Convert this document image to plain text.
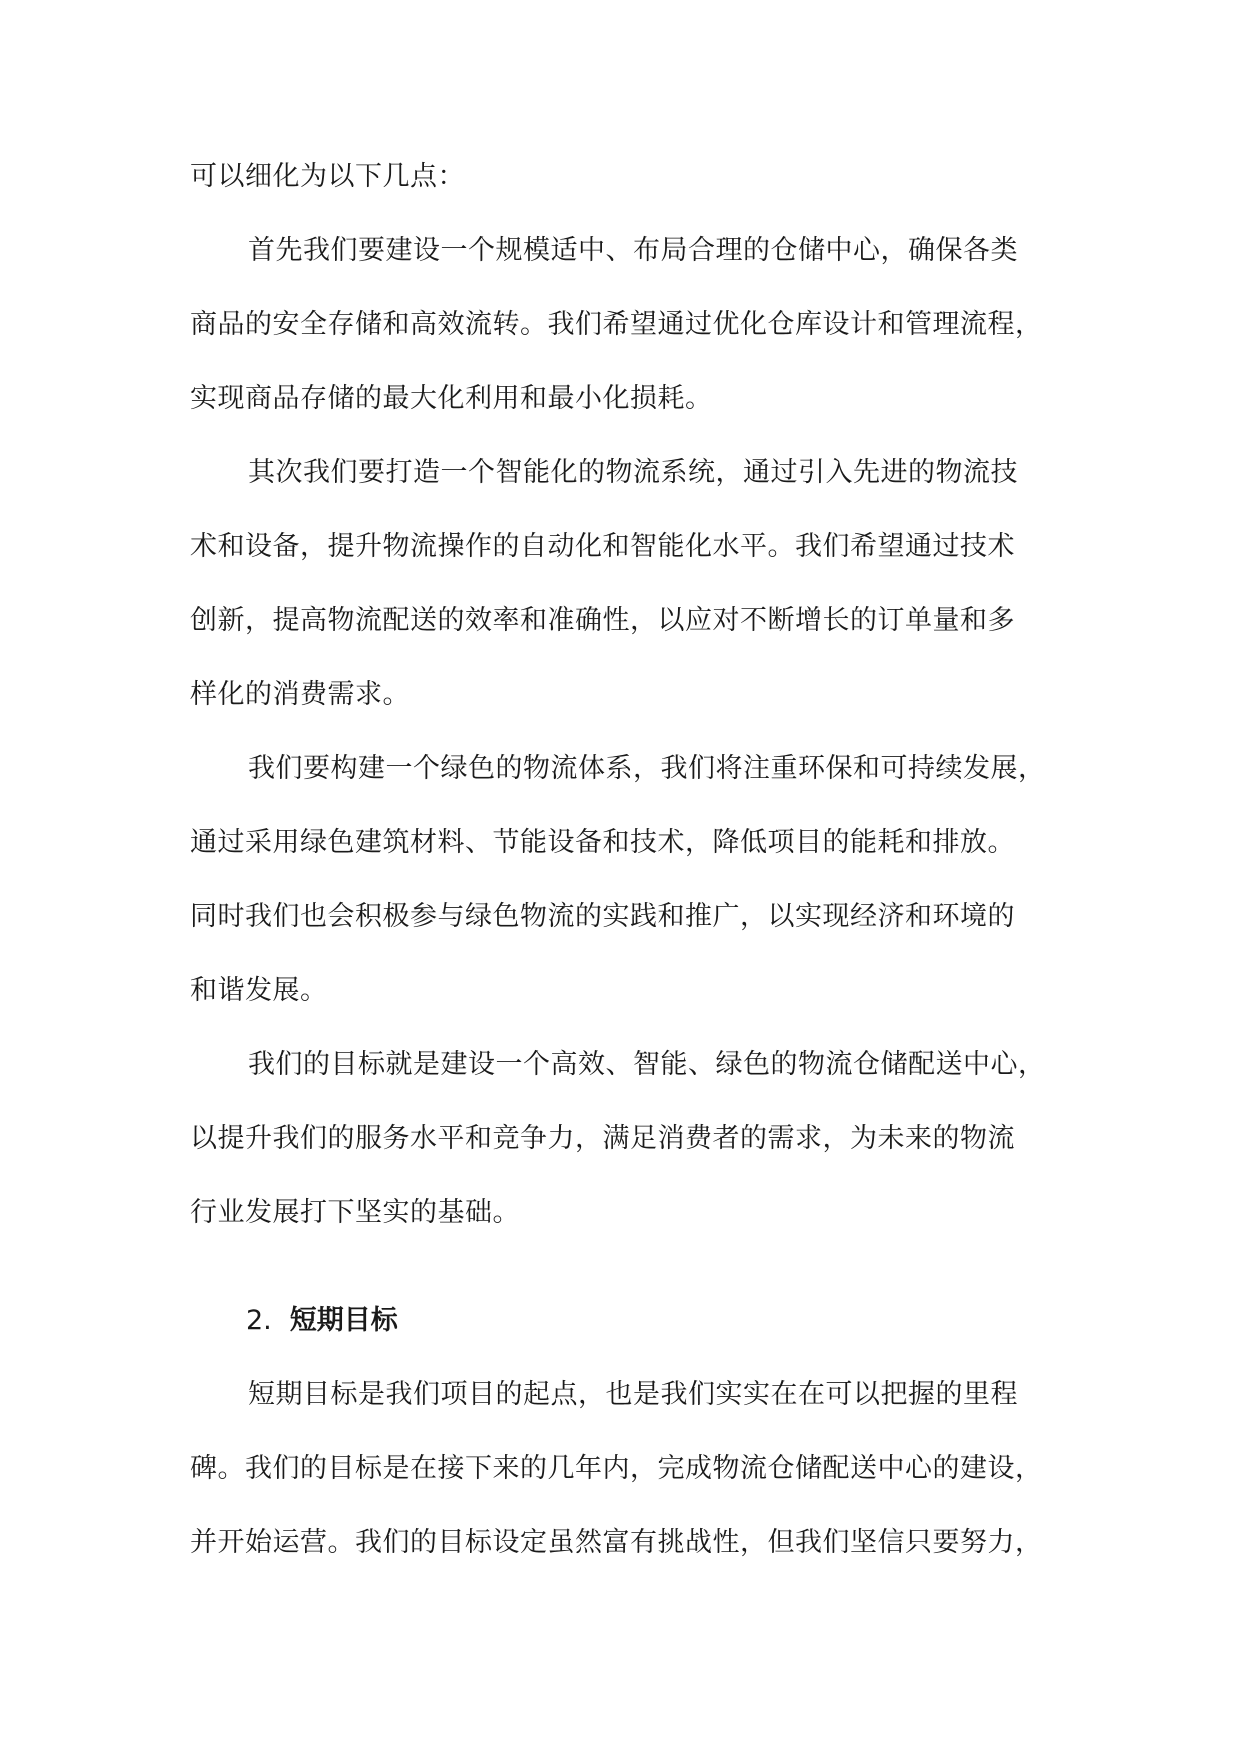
可以细化为以下几点：
首先我们要建设一个规模适中、布局合理的仓储中心，确保各类
商品的安全存储和高效流转。我们希望通过优化仓库设计和管理流程，
实现商品存储的最大化利用和最小化损耗。
其次我们要打造一个智能化的物流系统，通过引入先进的物流技
术和设备，提升物流操作的自动化和智能化水平。我们希望通过技术
创新，提高物流配送的效率和准确性，以应对不断增长的订单量和多
样化的消费需求。
我们要构建一个绿色的物流体系，我们将注重环保和可持续发展，
通过采用绿色建筑材料、节能设备和技术，降低项目的能耗和排放。
同时我们也会积极参与绿色物流的实践和推广，以实现经济和环境的
和谐发展。
我们的目标就是建设一个高效、智能、绿色的物流仓储配送中心，
以提升我们的服务水平和竞争力，满足消费者的需求，为未来的物流
行业发展打下坚实的基础。
2. 短期目标
短期目标是我们项目的起点，也是我们实实在在可以把握的里程
碑。我们的目标是在接下来的几年内，完成物流仓储配送中心的建设，
并开始运营。我们的目标设定虽然富有挑战性，但我们坚信只要努力，
